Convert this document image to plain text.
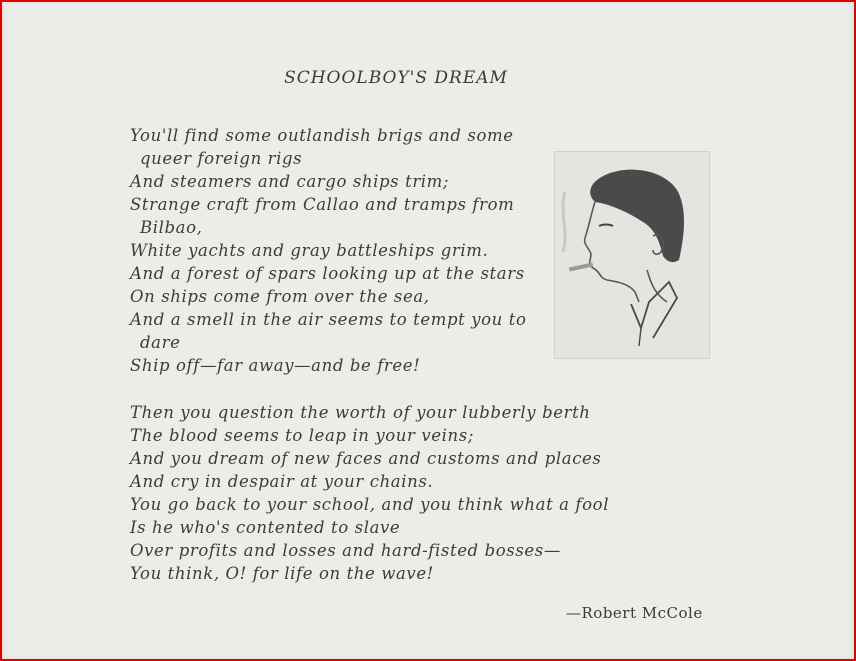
SCHOOLBOY'S DREAM
You'll find some outlandish brigs and some
queer foreign rigs
And steamers and cargo ships trim;
Strange craft from Callao and tramps from
Bilbao,
White yachts and gray battleships grim.
And a forest of spars looking up at the stars
On ships come from over the sea,
And a smell in the air seems to tempt you to
dare
Ship off—far away—and be free!
Then you question the worth of your lubberly berth
The blood seems to leap in your veins;
And you dream of new faces and customs and places
And cry in despair at your chains.
You go back to your school, and you think what a fool
Is he who's contented to slave
Over profits and losses and hard-fisted bosses—
You think, O! for life on the wave!
—Robert McCole
